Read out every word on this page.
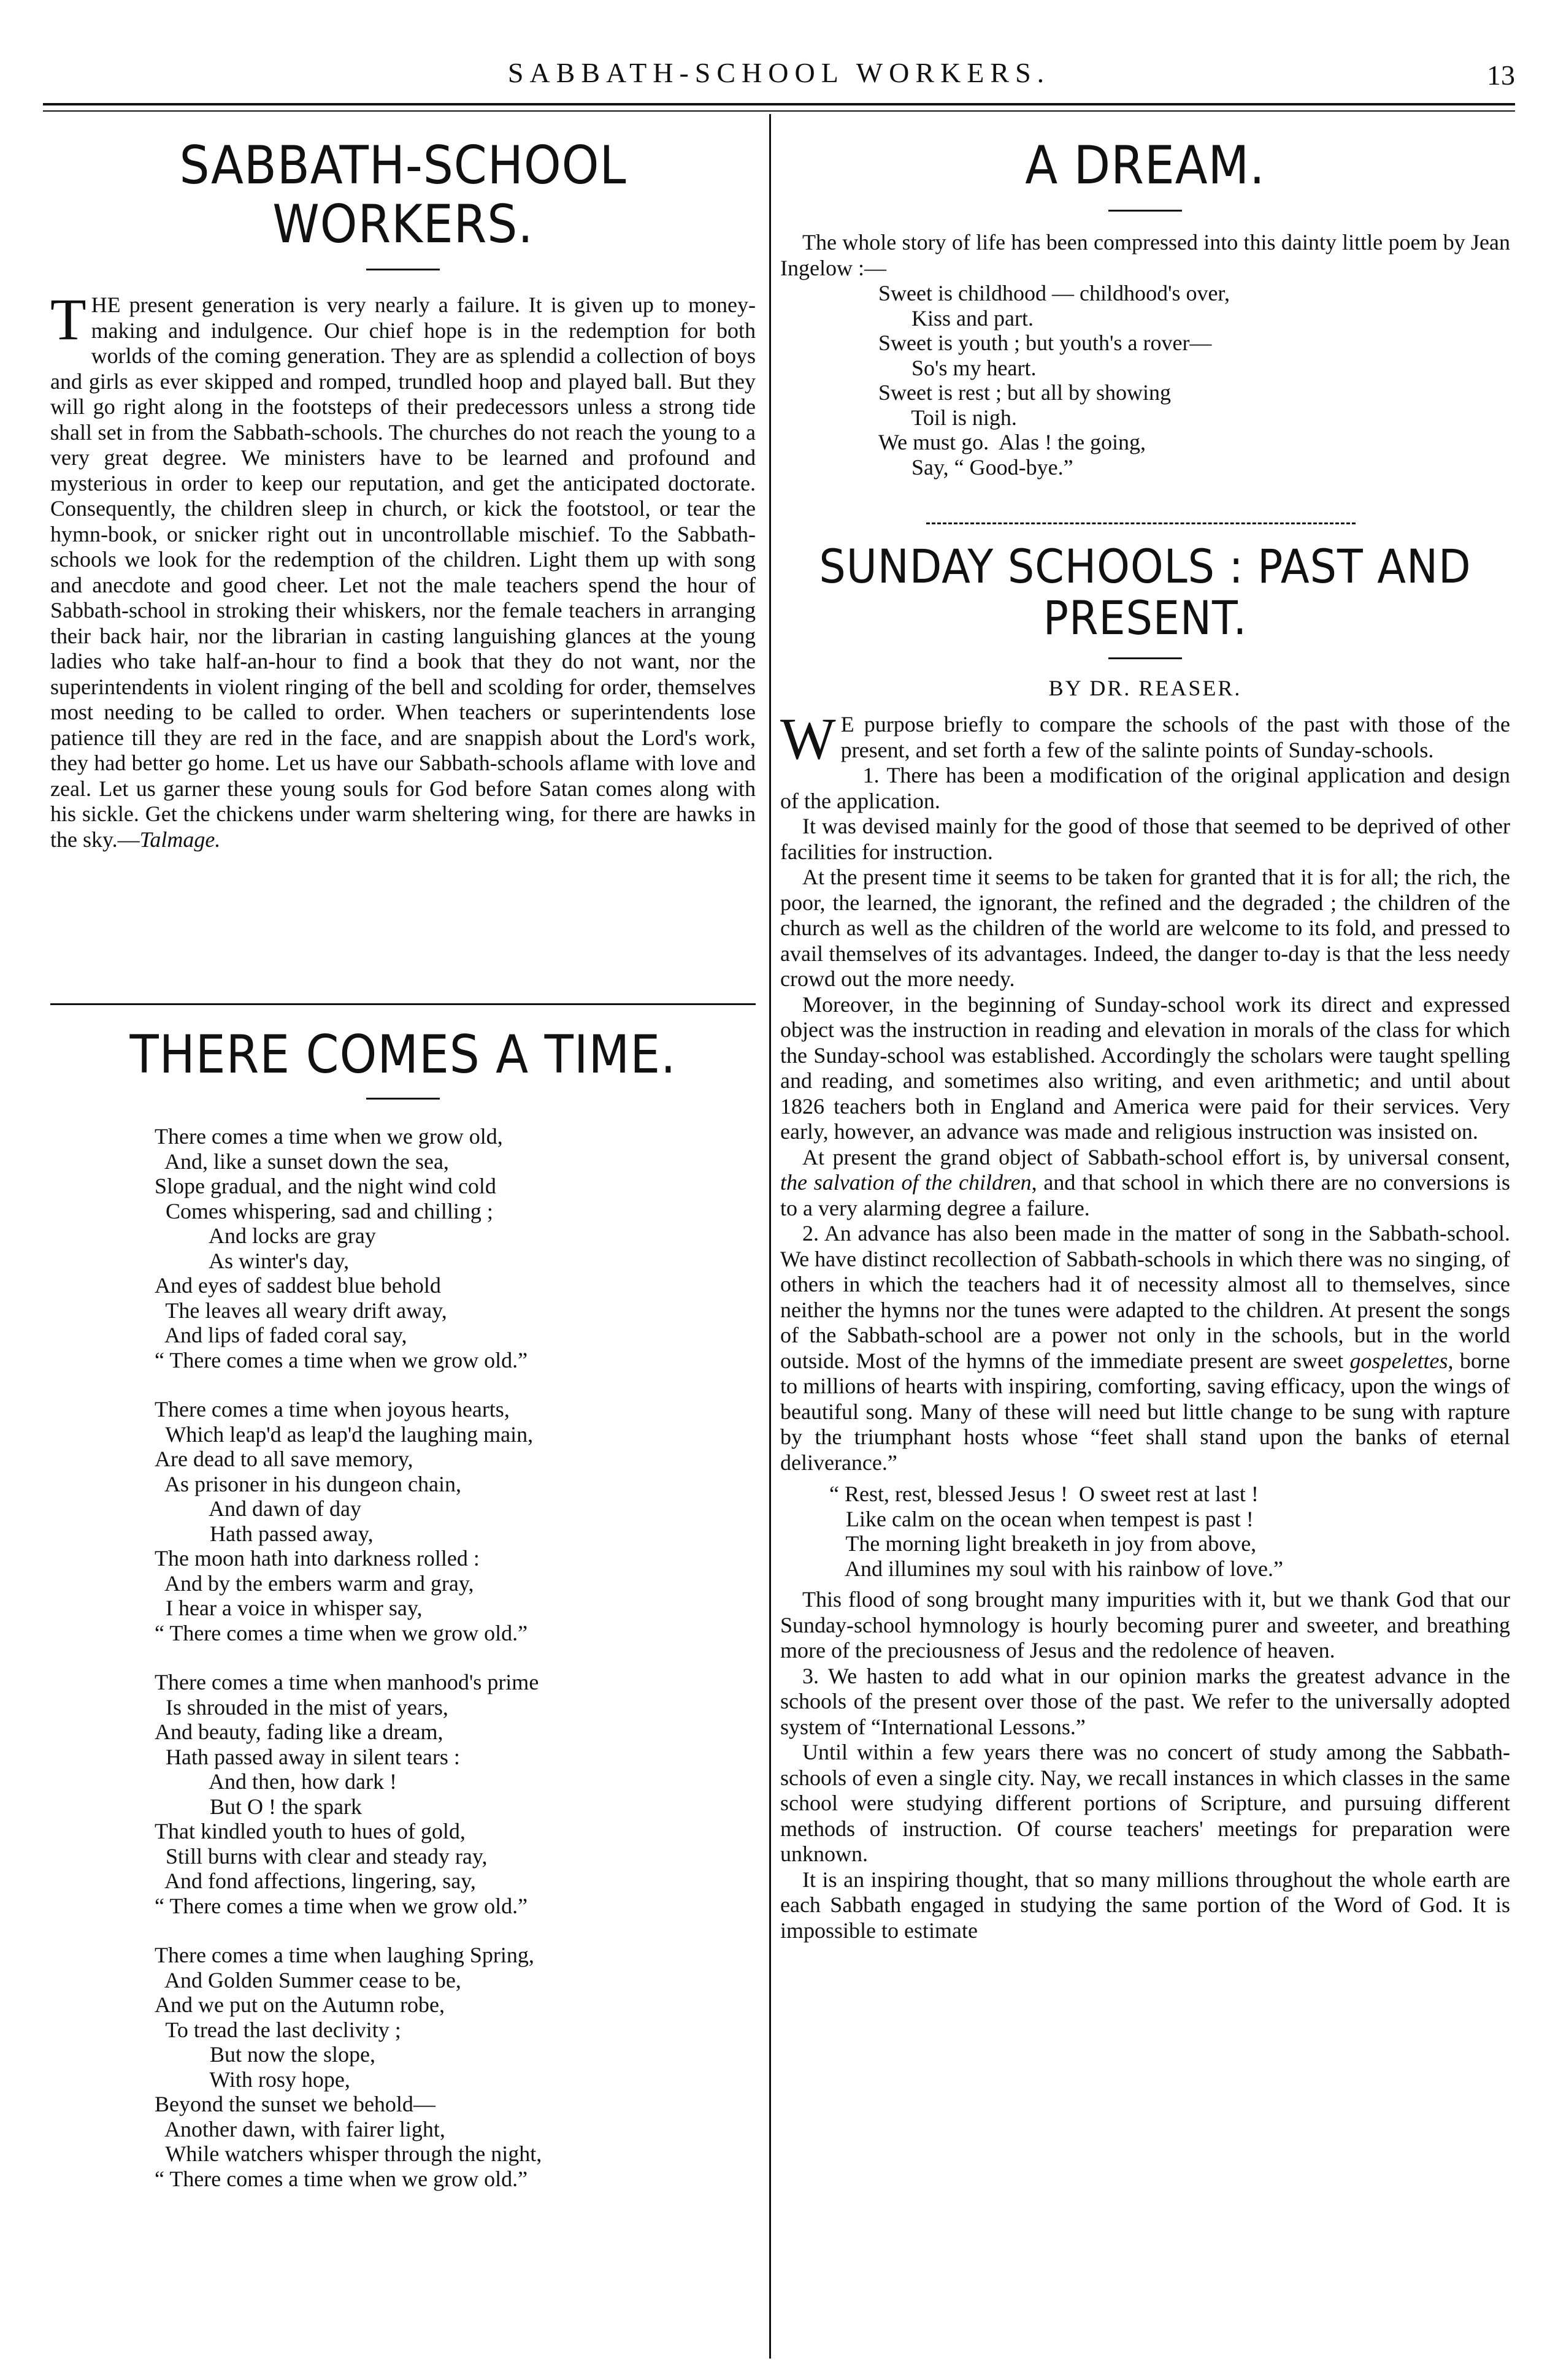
SABBATH-SCHOOL WORKERS.	13
SABBATH-SCHOOL WORKERS.

THE present generation is very nearly a failure. It is given up to money-making and indulgence. Our chief hope is in the redemption for both worlds of the coming generation. They are as splendid a collection of boys and girls as ever skipped and romped, trundled hoop and played ball. But they will go right along in the footsteps of their predecessors unless a strong tide shall set in from the Sabbath-schools. The churches do not reach the young to a very great degree. We ministers have to be learned and profound and mysterious in order to keep our reputation, and get the anticipated doctorate. Consequently, the children sleep in church, or kick the footstool, or tear the hymn-book, or snicker right out in uncontrollable mischief. To the Sabbath-schools we look for the redemption of the children. Light them up with song and anecdote and good cheer. Let not the male teachers spend the hour of Sabbath-school in stroking their whiskers, nor the female teachers in arranging their back hair, nor the librarian in casting languishing glances at the young ladies who take half-an-hour to find a book that they do not want, nor the superintendents in violent ringing of the bell and scolding for order, themselves most needing to be called to order. When teachers or superintendents lose patience till they are red in the face, and are snappish about the Lord's work, they had better go home. Let us have our Sabbath-schools aflame with love and zeal. Let us garner these young souls for God before Satan comes along with his sickle. Get the chickens under warm sheltering wing, for there are hawks in the sky.—Talmage.

THERE COMES A TIME.
There comes a time when we grow old,
And, like a sunset down the sea,
Slope gradual, and the night wind cold
Comes whispering, sad and chilling ;
And locks are gray
As winter's day,
And eyes of saddest blue behold
The leaves all weary drift away,
And lips of faded coral say,
“ There comes a time when we grow old.”
There comes a time when joyous hearts,
Which leap'd as leap'd the laughing main,
Are dead to all save memory,
As prisoner in his dungeon chain,
And dawn of day
Hath passed away,
The moon hath into darkness rolled :
And by the embers warm and gray,
I hear a voice in whisper say,
“ There comes a time when we grow old.”
There comes a time when manhood's prime
Is shrouded in the mist of years,
And beauty, fading like a dream,
Hath passed away in silent tears :
And then, how dark !
But O ! the spark
That kindled youth to hues of gold,
Still burns with clear and steady ray,
And fond affections, lingering, say,
“ There comes a time when we grow old.”
There comes a time when laughing Spring,
And Golden Summer cease to be,
And we put on the Autumn robe,
To tread the last declivity ;
But now the slope,
With rosy hope,
Beyond the sunset we behold—
Another dawn, with fairer light,
While watchers whisper through the night,
“ There comes a time when we grow old.”
A DREAM.

The whole story of life has been compressed into this dainty little poem by Jean Ingelow :—

Sweet is childhood — childhood's over,
Kiss and part.
Sweet is youth ; but youth's a rover—
So's my heart.
Sweet is rest ; but all by showing
Toil is nigh.
We must go.  Alas ! the going,
Say, “ Good-bye.”
SUNDAY SCHOOLS : PAST AND
PRESENT.
BY DR. REASER.

W E purpose briefly to compare the schools of the past with those of the present, and set forth a few of the salinte points of Sunday-schools.

1. There has been a modification of the original application and design of the application.

It was devised mainly for the good of those that seemed to be deprived of other facilities for instruction.

At the present time it seems to be taken for granted that it is for all; the rich, the poor, the learned, the ignorant, the refined and the degraded ; the children of the church as well as the children of the world are welcome to its fold, and pressed to avail themselves of its advantages. Indeed, the danger to-day is that the less needy crowd out the more needy.

Moreover, in the beginning of Sunday-school work its direct and expressed object was the instruction in reading and elevation in morals of the class for which the Sunday-school was established. Accordingly the scholars were taught spelling and reading, and sometimes also writing, and even arithmetic; and until about 1826 teachers both in England and America were paid for their services. Very early, however, an advance was made and religious instruction was insisted on.

At present the grand object of Sabbath-school effort is, by universal consent, the salvation of the children, and that school in which there are no conversions is to a very alarming degree a failure.

2. An advance has also been made in the matter of song in the Sabbath-school. We have distinct recollection of Sabbath-schools in which there was no singing, of others in which the teachers had it of necessity almost all to themselves, since neither the hymns nor the tunes were adapted to the children. At present the songs of the Sabbath-school are a power not only in the schools, but in the world outside. Most of the hymns of the immediate present are sweet gospelettes, borne to millions of hearts with inspiring, comforting, saving efficacy, upon the wings of beautiful song. Many of these will need but little change to be sung with rapture by the triumphant hosts whose “feet shall stand upon the banks of eternal deliverance.”

“ Rest, rest, blessed Jesus !  O sweet rest at last !
Like calm on the ocean when tempest is past !
The morning light breaketh in joy from above,
And illumines my soul with his rainbow of love.”

This flood of song brought many impurities with it, but we thank God that our Sunday-school hymnology is hourly becoming purer and sweeter, and breathing more of the preciousness of Jesus and the redolence of heaven.

3. We hasten to add what in our opinion marks the greatest advance in the schools of the present over those of the past. We refer to the universally adopted system of “International Lessons.”

Until within a few years there was no concert of study among the Sabbath-schools of even a single city. Nay, we recall instances in which classes in the same school were studying different portions of Scripture, and pursuing different methods of instruction. Of course teachers' meetings for preparation were unknown.

It is an inspiring thought, that so many millions throughout the whole earth are each Sabbath engaged in studying the same portion of the Word of God. It is impossible to estimate
